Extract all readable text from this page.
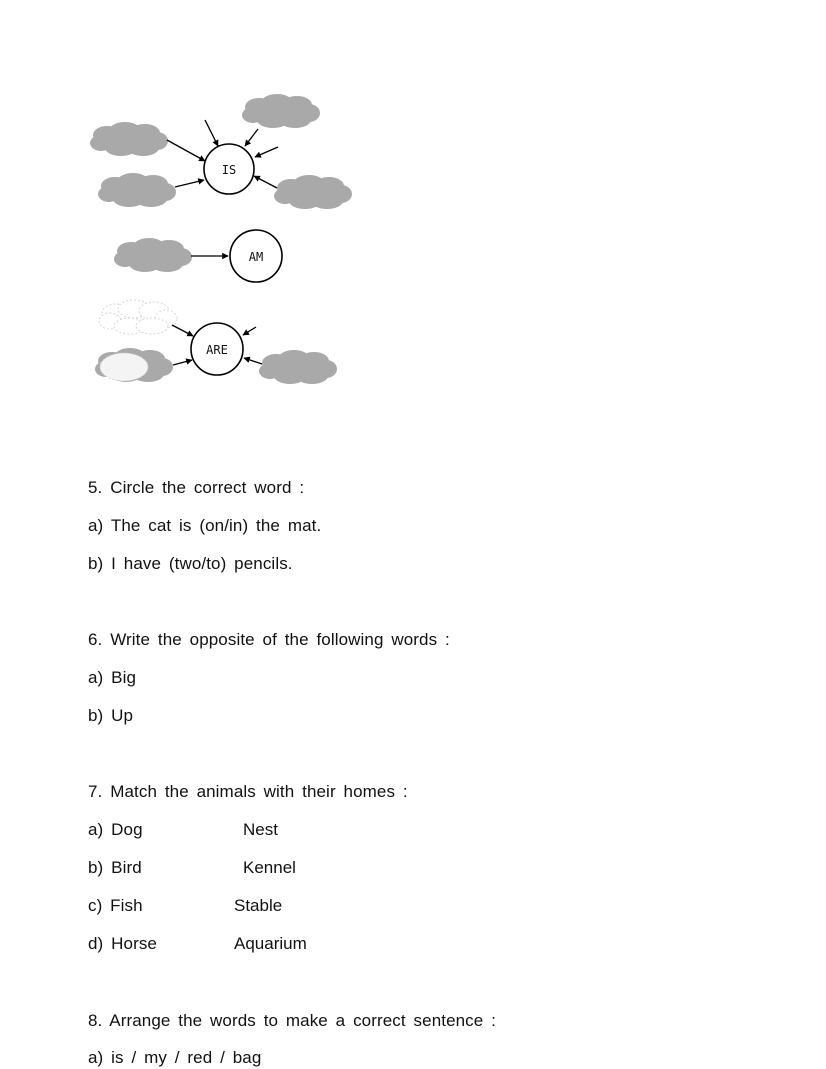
IS
AM
ARE
5. Circle the correct word :
a) The cat is (on/in) the mat.
b) I have (two/to) pencils.
6. Write the opposite of the following words :
a) Big
b) Up
7. Match the animals with their homes :
a) Dog	Nest
b) Bird	Kennel
c) Fish	Stable
d) Horse	Aquarium
8. Arrange the words to make a correct sentence :
a) is / my / red / bag
